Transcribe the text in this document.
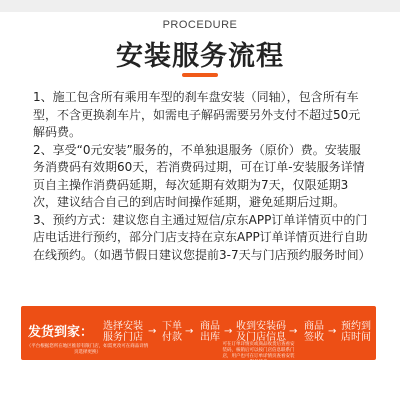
PROCEDURE
安装服务流程

1、施工包含所有乘用车型的刹车盘安装（同轴），包含所有车型，不含更换刹车片，如需电子解码需要另外支付不超过50元解码费。

2、享受“0元安装”服务的，不单独退服务（原价）费。安装服务消费码有效期60天，若消费码过期，可在订单-安装服务详情页自主操作消费码延期，每次延期有效期为7天，仅限延期3次，建议结合自己的到店时间操作延期，避免延期后过期。

3、预约方式：建议您自主通过短信/京东APP订单详情页中的门店电话进行预约，部分门店支持在京东APP订单详情页进行自助在线预约。（如遇节假日建议您提前3-7天与门店预约服务时间）

发货到家： 选择安装
服务门店
→ 下单
付款
→ 商品
出库
→ 收到安装码
及门店信息
→ 商品
签收
→ 预约到
店时间
（平台根据您所在地区推荐有限门店，如需更改可在商品详情页选择更换）
可在订单详情页或商品收货后查看安装码，核销后可以按门店信息联系门店，用户也可在订单详情页查看安装服务信息
